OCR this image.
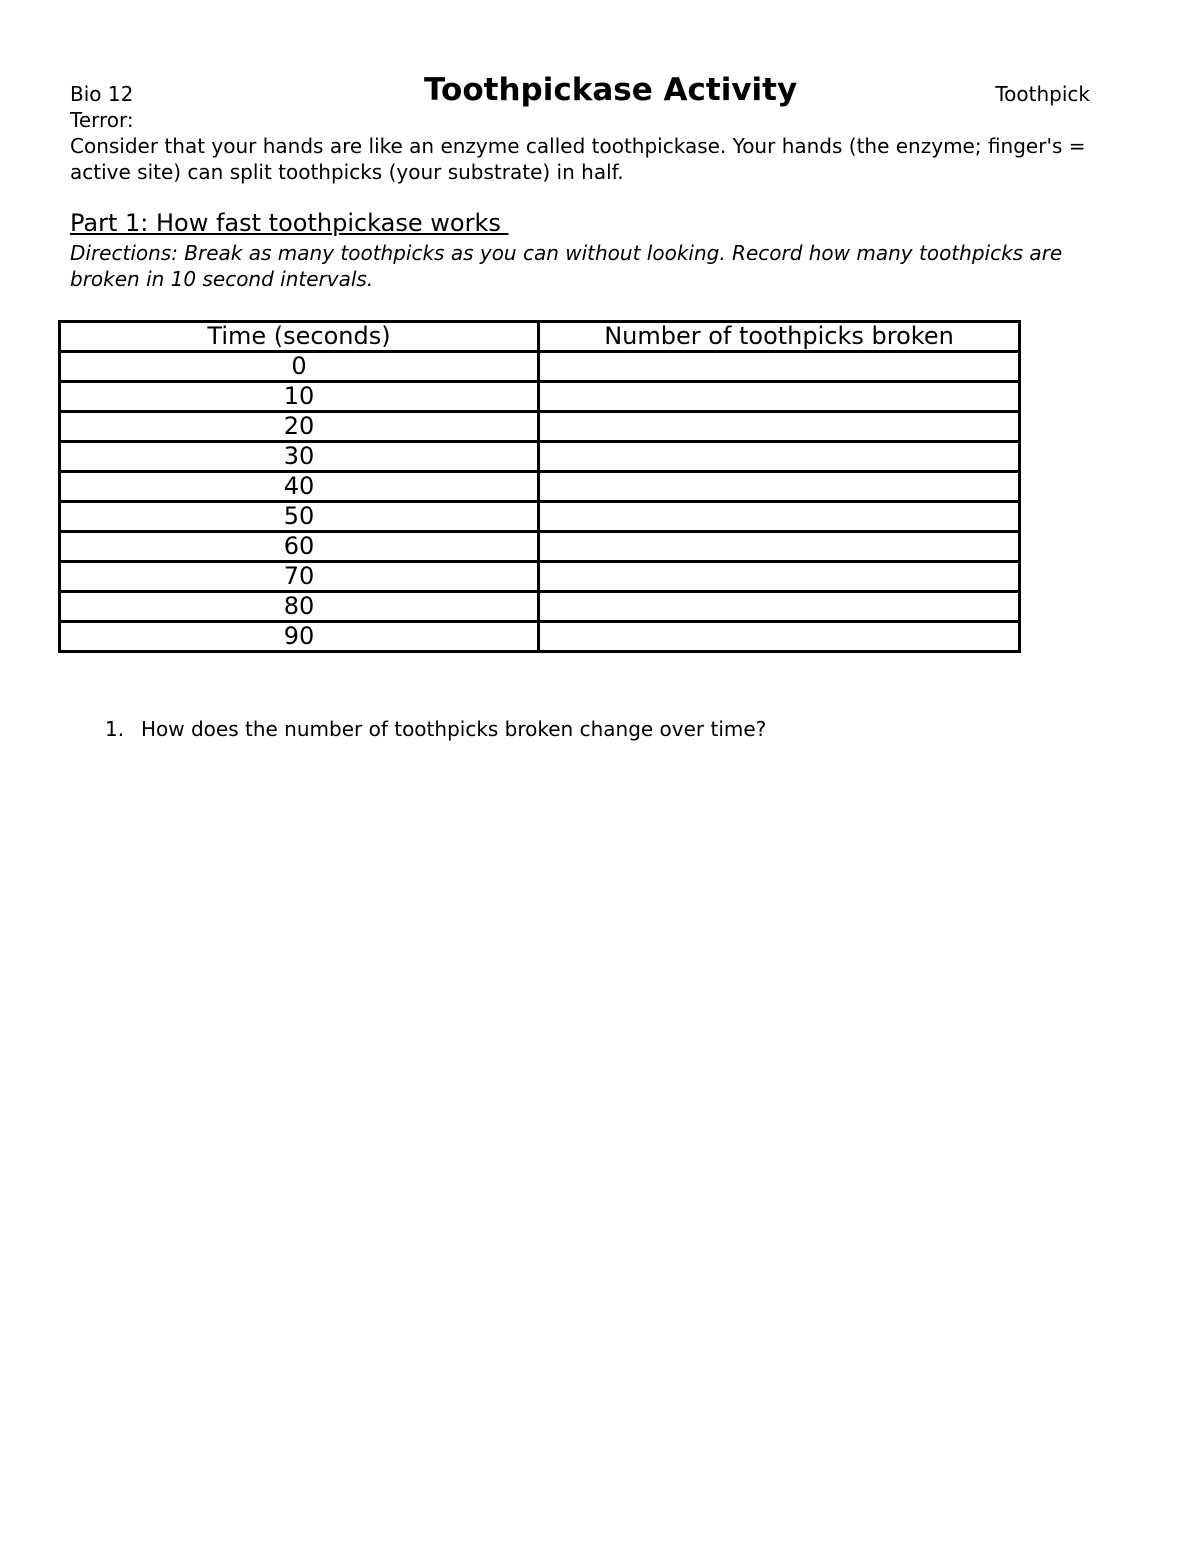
Bio 12	Toothpickase Activity	Toothpick

Terror:

Consider that your hands are like an enzyme called toothpickase. Your hands (the enzyme; finger's = active site) can split toothpicks (your substrate) in half.

Part 1: How fast toothpickase works
Directions: Break as many toothpicks as you can without looking. Record how many toothpicks are broken in 10 second intervals.
Time (seconds)	Number of toothpicks broken
0	
10	
20	
30	
40	
50	
60	
70	
80	
90	
1. How does the number of toothpicks broken change over time?
